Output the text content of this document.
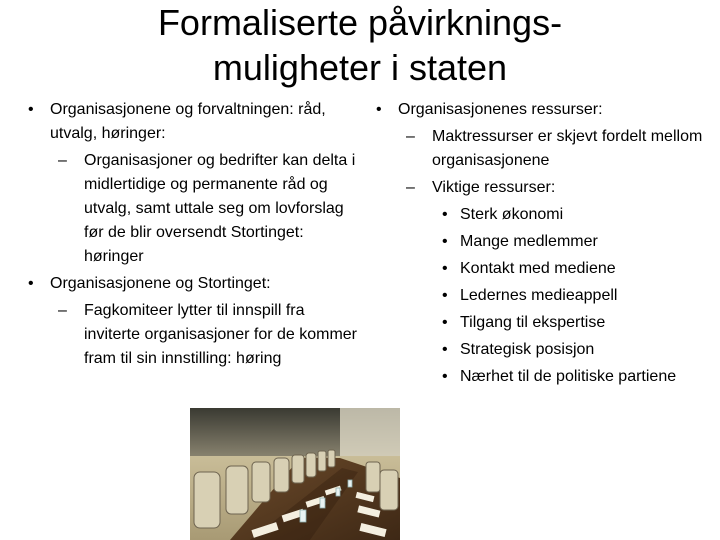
Formaliserte påvirknings-
muligheter i staten
• Organisasjonene og forvaltningen: råd, utvalg, høringer:
– Organisasjoner og bedrifter kan delta i midlertidige og permanente råd og utvalg, samt uttale seg om lovforslag før de blir oversendt Stortinget: høringer
• Organisasjonene og Stortinget:
– Fagkomiteer lytter til innspill fra inviterte organisasjoner for de kommer fram til sin innstilling: høring
• Organisasjonenes ressurser:
– Maktressurser er skjevt fordelt mellom organisasjonene
– Viktige ressurser:
• Sterk økonomi
• Mange medlemmer
• Kontakt med mediene
• Ledernes medieappell
• Tilgang til ekspertise
• Strategisk posisjon
• Nærhet til de politiske partiene
